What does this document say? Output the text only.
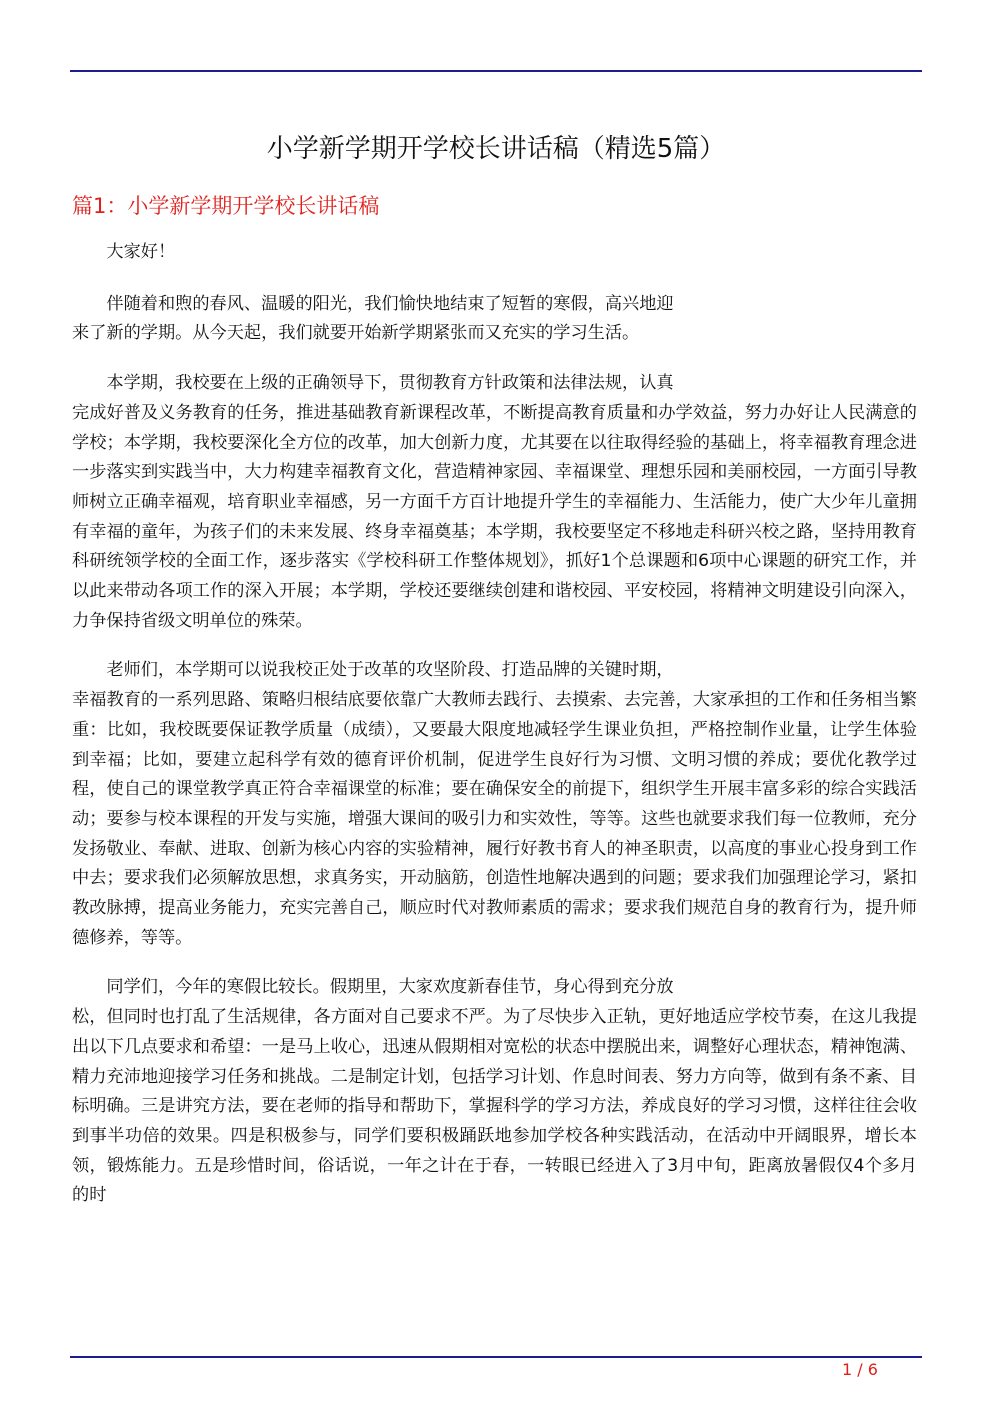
小学新学期开学校长讲话稿（精选5篇）
篇1：小学新学期开学校长讲话稿

大家好！

伴随着和煦的春风、温暖的阳光，我们愉快地结束了短暂的寒假，高兴地迎
来了新的学期。从今天起，我们就要开始新学期紧张而又充实的学习生活。

本学期，我校要在上级的正确领导下，贯彻教育方针政策和法律法规，认真
完成好普及义务教育的任务，推进基础教育新课程改革，不断提高教育质量和办学效益，努力办好让人民满意的学校；本学期，我校要深化全方位的改革，加大创新力度，尤其要在以往取得经验的基础上，将幸福教育理念进一步落实到实践当中，大力构建幸福教育文化，营造精神家园、幸福课堂、理想乐园和美丽校园，一方面引导教师树立正确幸福观，培育职业幸福感，另一方面千方百计地提升学生的幸福能力、生活能力，使广大少年儿童拥有幸福的童年，为孩子们的未来发展、终身幸福奠基；本学期，我校要坚定不移地走科研兴校之路，坚持用教育科研统领学校的全面工作，逐步落实《学校科研工作整体规划》，抓好1个总课题和6项中心课题的研究工作，并以此来带动各项工作的深入开展；本学期，学校还要继续创建和谐校园、平安校园，将精神文明建设引向深入，力争保持省级文明单位的殊荣。

老师们，本学期可以说我校正处于改革的攻坚阶段、打造品牌的关键时期，
幸福教育的一系列思路、策略归根结底要依靠广大教师去践行、去摸索、去完善，大家承担的工作和任务相当繁重：比如，我校既要保证教学质量（成绩），又要最大限度地减轻学生课业负担，严格控制作业量，让学生体验到幸福；比如，要建立起科学有效的德育评价机制，促进学生良好行为习惯、文明习惯的养成；要优化教学过程，使自己的课堂教学真正符合幸福课堂的标准；要在确保安全的前提下，组织学生开展丰富多彩的综合实践活动；要参与校本课程的开发与实施，增强大课间的吸引力和实效性，等等。这些也就要求我们每一位教师，充分发扬敬业、奉献、进取、创新为核心内容的实验精神，履行好教书育人的神圣职责，以高度的事业心投身到工作中去；要求我们必须解放思想，求真务实，开动脑筋，创造性地解决遇到的问题；要求我们加强理论学习，紧扣教改脉搏，提高业务能力，充实完善自己，顺应时代对教师素质的需求；要求我们规范自身的教育行为，提升师德修养，等等。

同学们，今年的寒假比较长。假期里，大家欢度新春佳节，身心得到充分放
松，但同时也打乱了生活规律，各方面对自己要求不严。为了尽快步入正轨，更好地适应学校节奏，在这儿我提出以下几点要求和希望：一是马上收心，迅速从假期相对宽松的状态中摆脱出来，调整好心理状态，精神饱满、精力充沛地迎接学习任务和挑战。二是制定计划，包括学习计划、作息时间表、努力方向等，做到有条不紊、目标明确。三是讲究方法，要在老师的指导和帮助下，掌握科学的学习方法，养成良好的学习习惯，这样往往会收到事半功倍的效果。四是积极参与，同学们要积极踊跃地参加学校各种实践活动，在活动中开阔眼界，增长本领，锻炼能力。五是珍惜时间，俗话说，一年之计在于春，一转眼已经进入了3月中旬，距离放暑假仅4个多月的时

1 / 6
